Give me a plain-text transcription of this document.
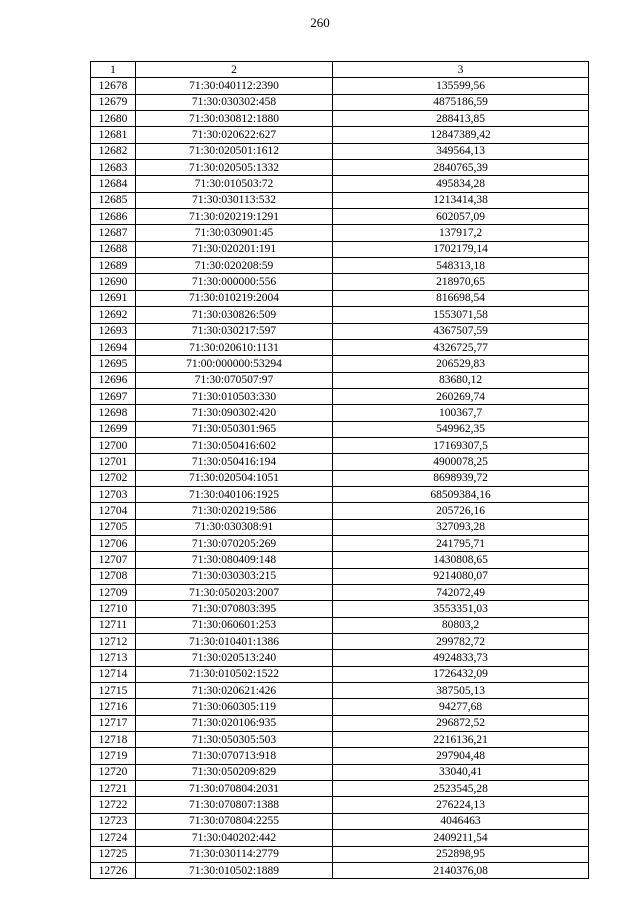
260
1	2	3
12678	71:30:040112:2390	135599,56
12679	71:30:030302:458	4875186,59
12680	71:30:030812:1880	288413,85
12681	71:30:020622:627	12847389,42
12682	71:30:020501:1612	349564,13
12683	71:30:020505:1332	2840765,39
12684	71:30:010503:72	495834,28
12685	71:30:030113:532	1213414,38
12686	71:30:020219:1291	602057,09
12687	71:30:030901:45	137917,2
12688	71:30:020201:191	1702179,14
12689	71:30:020208:59	548313,18
12690	71:30:000000:556	218970,65
12691	71:30:010219:2004	816698,54
12692	71:30:030826:509	1553071,58
12693	71:30:030217:597	4367507,59
12694	71:30:020610:1131	4326725,77
12695	71:00:000000:53294	206529,83
12696	71:30:070507:97	83680,12
12697	71:30:010503:330	260269,74
12698	71:30:090302:420	100367,7
12699	71:30:050301:965	549962,35
12700	71:30:050416:602	17169307,5
12701	71:30:050416:194	4900078,25
12702	71:30:020504:1051	8698939,72
12703	71:30:040106:1925	68509384,16
12704	71:30:020219:586	205726,16
12705	71:30:030308:91	327093,28
12706	71:30:070205:269	241795,71
12707	71:30:080409:148	1430808,65
12708	71:30:030303:215	9214080,07
12709	71:30:050203:2007	742072,49
12710	71:30:070803:395	3553351,03
12711	71:30:060601:253	80803,2
12712	71:30:010401:1386	299782,72
12713	71:30:020513:240	4924833,73
12714	71:30:010502:1522	1726432,09
12715	71:30:020621:426	387505,13
12716	71:30:060305:119	94277,68
12717	71:30:020106:935	296872,52
12718	71:30:050305:503	2216136,21
12719	71:30:070713:918	297904,48
12720	71:30:050209:829	33040,41
12721	71:30:070804:2031	2523545,28
12722	71:30:070807:1388	276224,13
12723	71:30:070804:2255	4046463
12724	71:30:040202:442	2409211,54
12725	71:30:030114:2779	252898,95
12726	71:30:010502:1889	2140376,08
